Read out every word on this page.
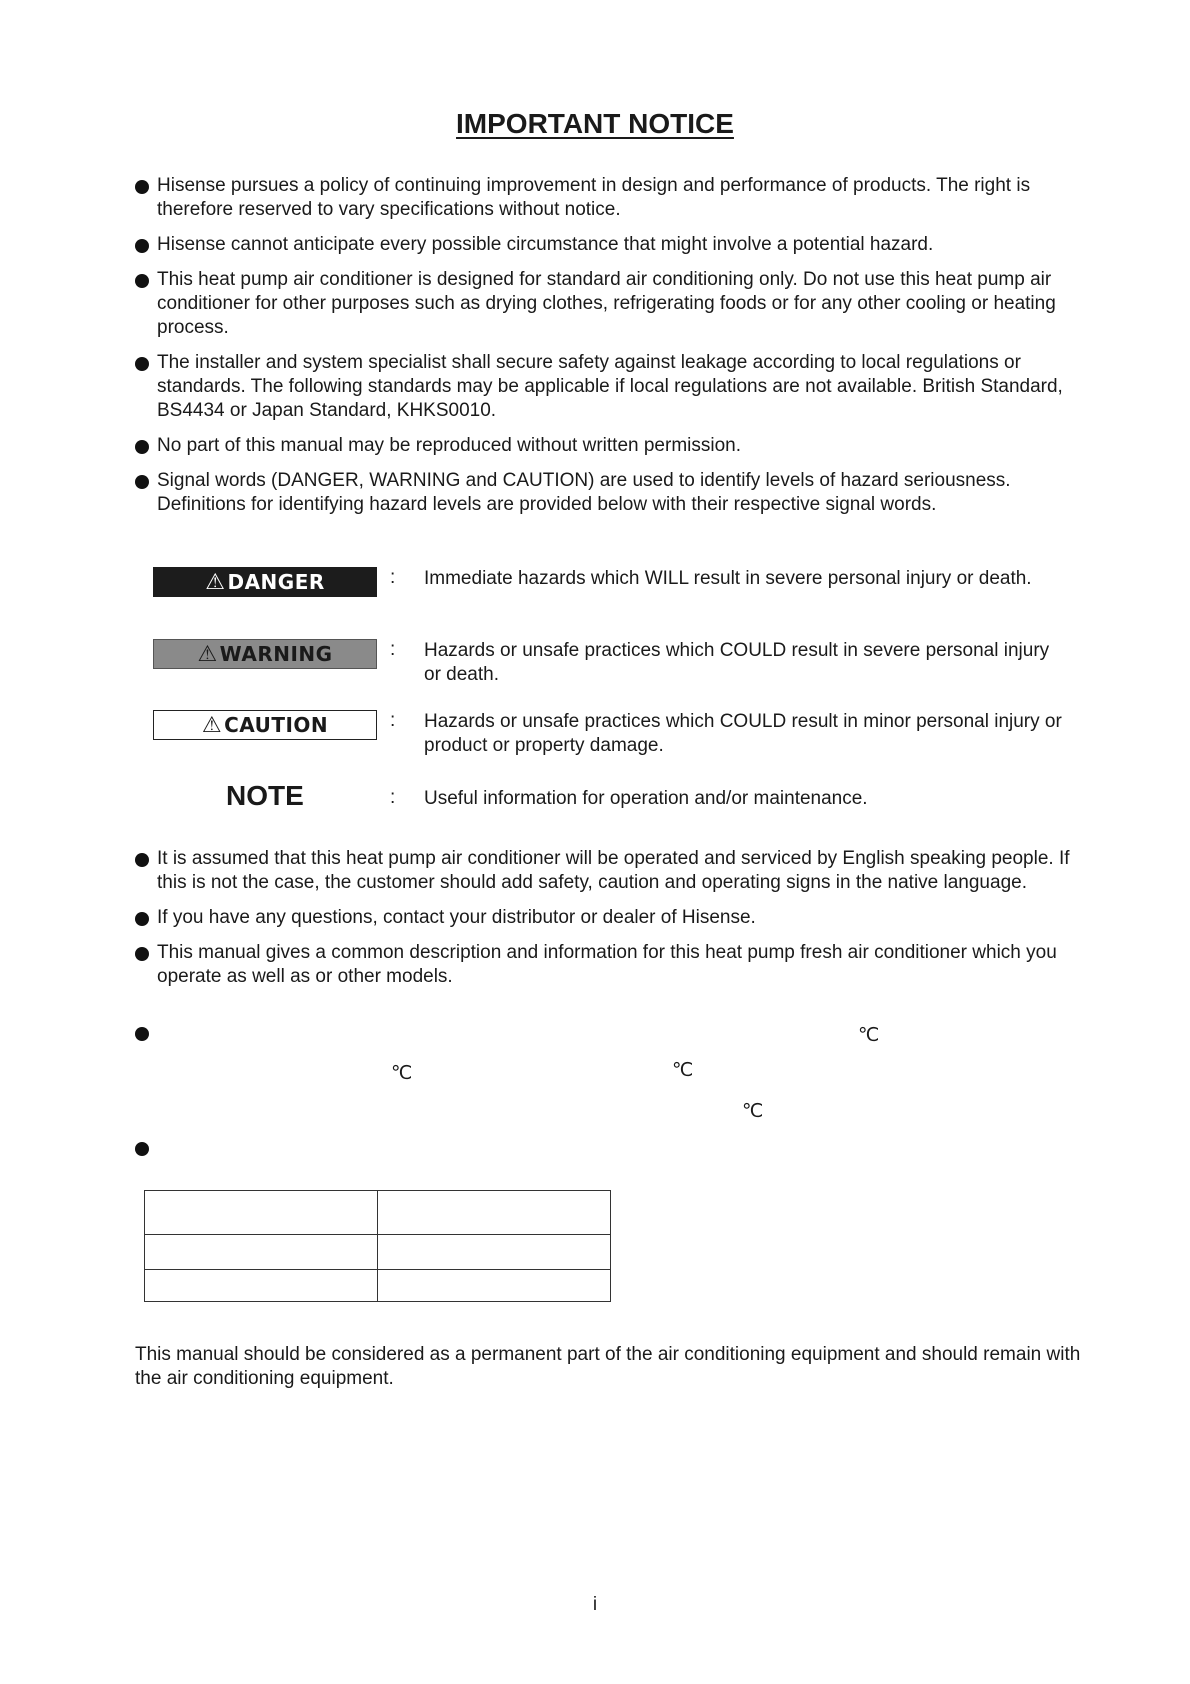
IMPORTANT NOTICE
Hisense pursues a policy of continuing improvement in design and performance of products. The right is therefore reserved to vary specifications without notice.
Hisense cannot anticipate every possible circumstance that might involve a potential hazard.
This heat pump air conditioner is designed for standard air conditioning only. Do not use this heat pump air conditioner for other purposes such as drying clothes, refrigerating foods or for any other cooling or heating process.
The installer and system specialist shall secure safety against leakage according to local regulations or standards. The following standards may be applicable if local regulations are not available. British Standard, BS4434 or Japan Standard, KHKS0010.
No part of this manual may be reproduced without written permission.
Signal words (DANGER, WARNING and CAUTION) are used to identify levels of hazard seriousness. Definitions for identifying hazard levels are provided below with their respective signal words.
⚠ DANGER	: Immediate hazards which WILL result in severe personal injury or death.
⚠ WARNING	: Hazards or unsafe practices which COULD result in severe personal injury or death.
⚠ CAUTION	: Hazards or unsafe practices which COULD result in minor personal injury or product or property damage.
NOTE	: Useful information for operation and/or maintenance.
It is assumed that this heat pump air conditioner will be operated and serviced by English speaking people. If this is not the case, the customer should add safety, caution and operating signs in the native language.
If you have any questions, contact your distributor or dealer of Hisense.
This manual gives a common description and information for this heat pump fresh air conditioner which you operate as well as or other models.
℃
℃	℃
℃

This manual should be considered as a permanent part of the air conditioning equipment and should remain with the air conditioning equipment.
i
